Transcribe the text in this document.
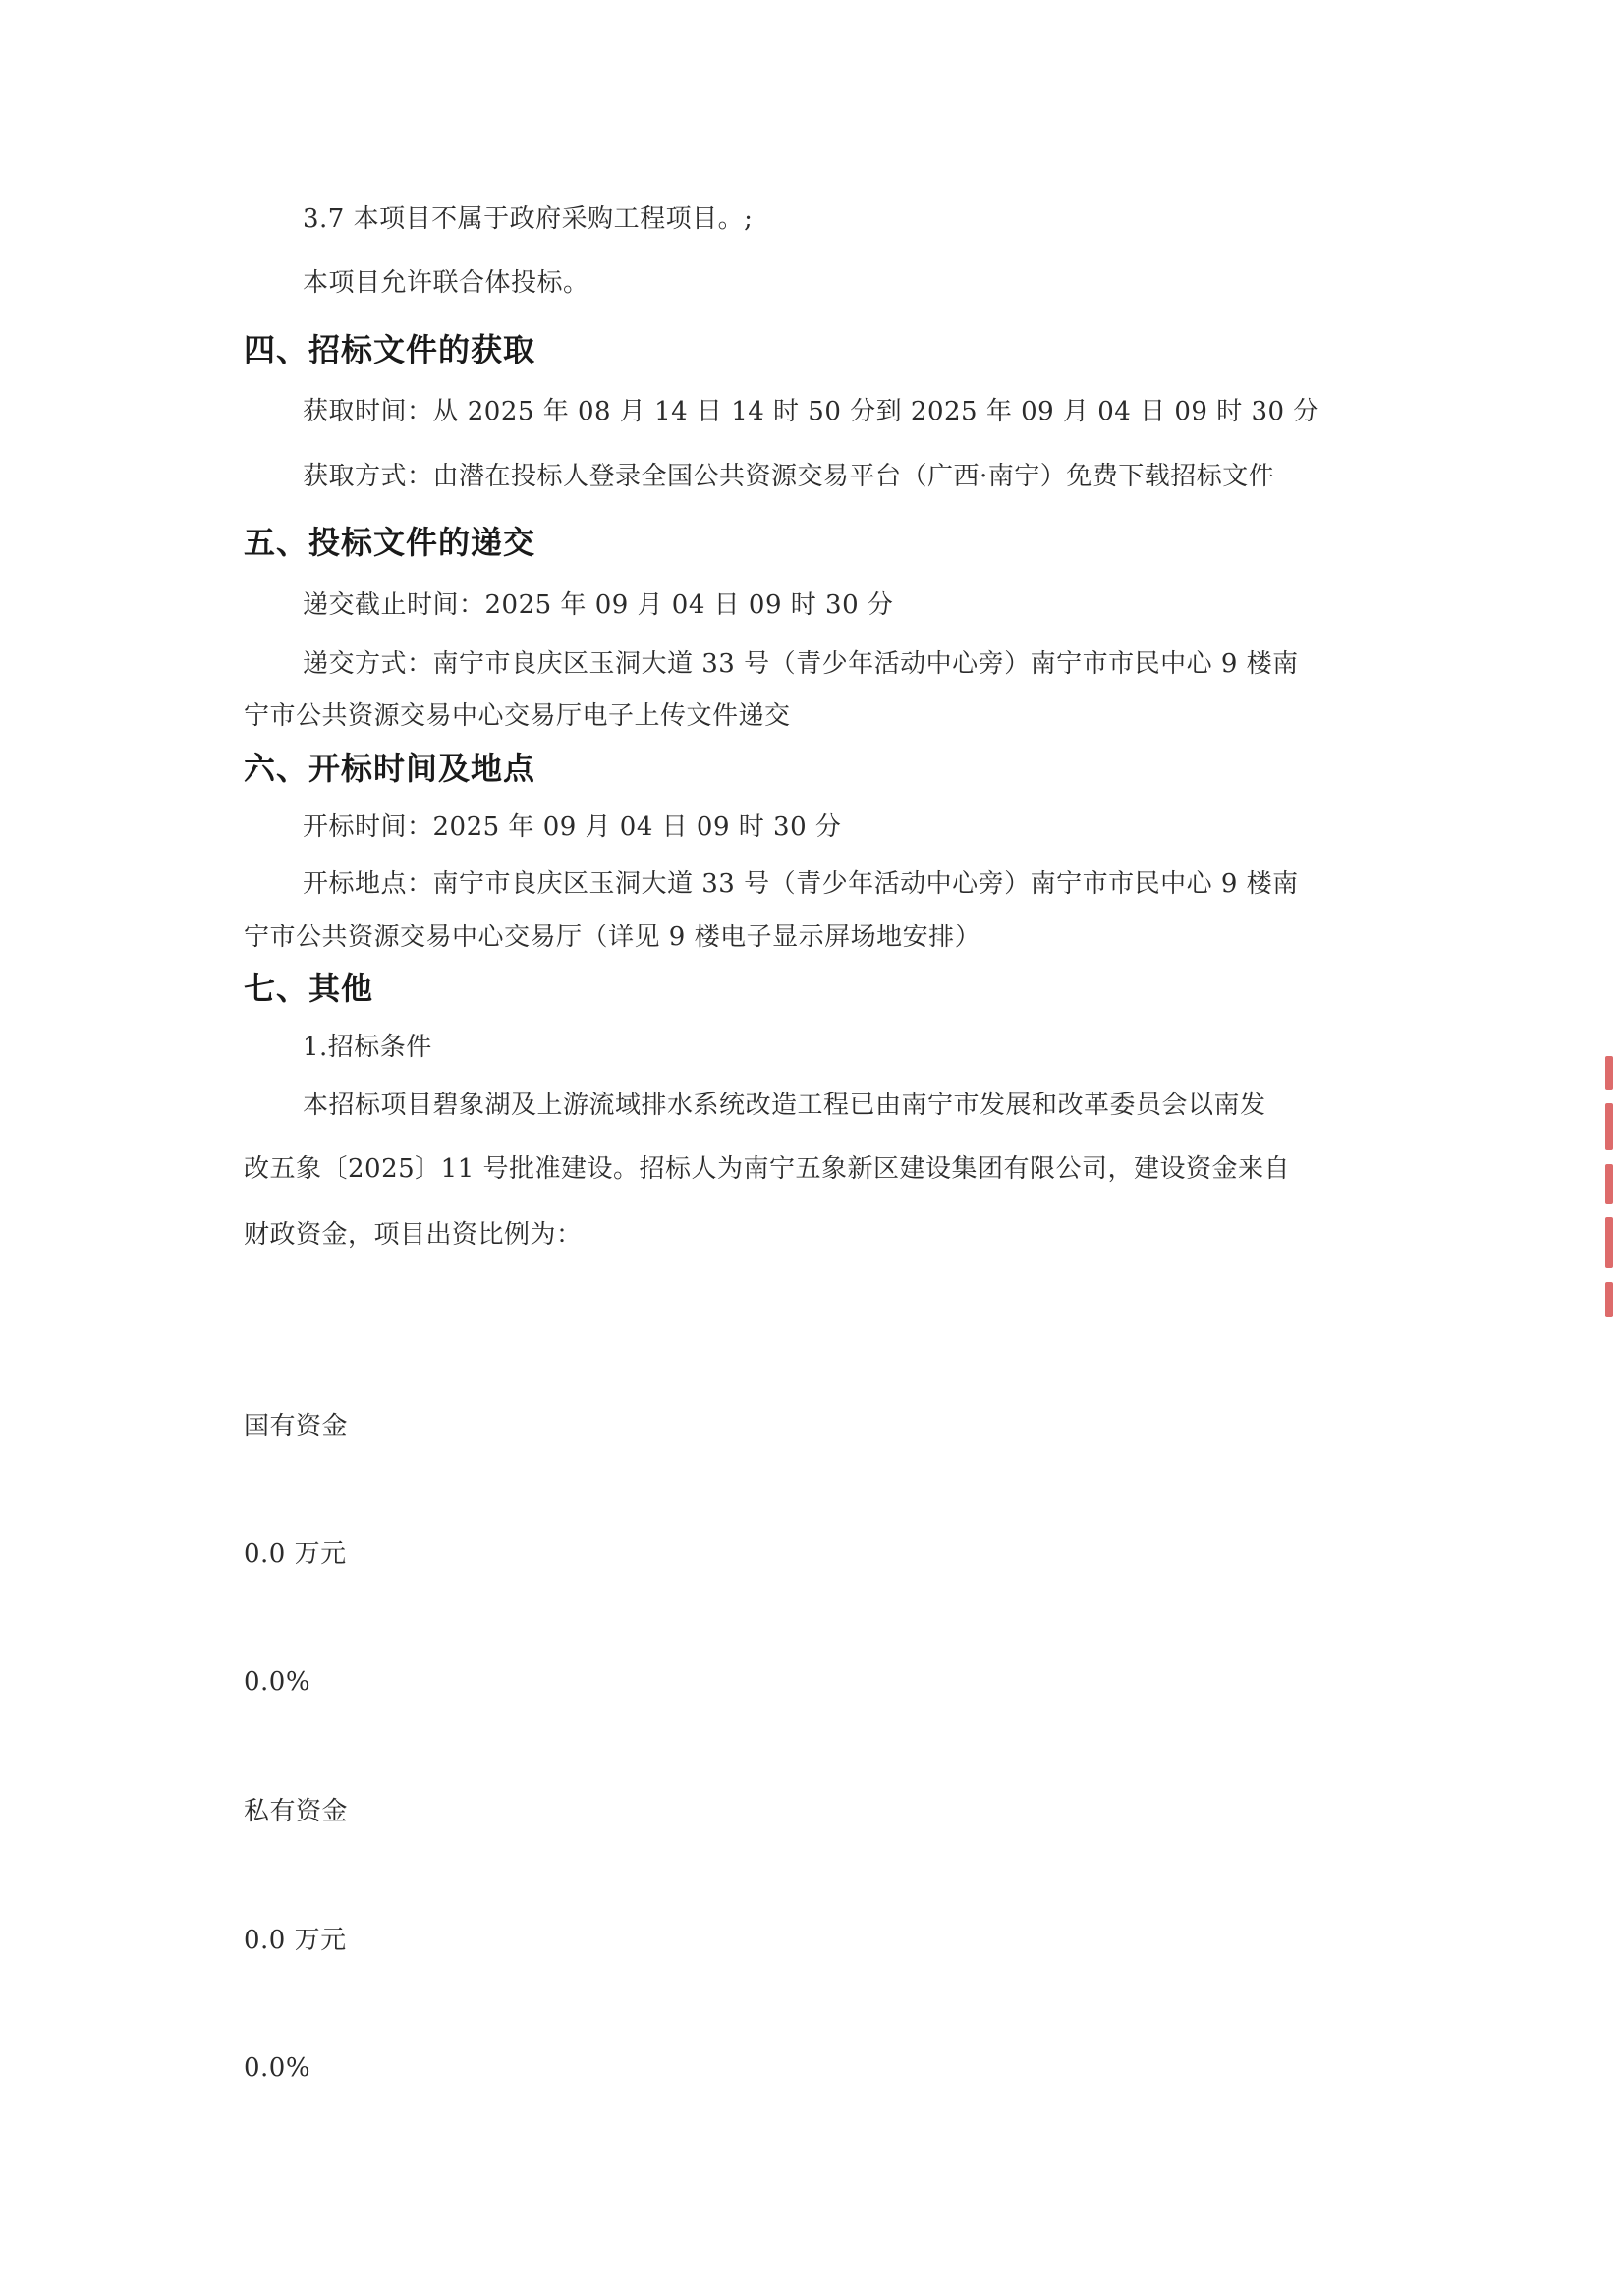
3.7 本项目不属于政府采购工程项目。;
本项目允许联合体投标。
四、招标文件的获取
获取时间：从 2025 年 08 月 14 日 14 时 50 分到 2025 年 09 月 04 日 09 时 30 分
获取方式：由潜在投标人登录全国公共资源交易平台（广西·南宁）免费下载招标文件
五、投标文件的递交
递交截止时间：2025 年 09 月 04 日 09 时 30 分
递交方式：南宁市良庆区玉洞大道 33 号（青少年活动中心旁）南宁市市民中心 9 楼南
宁市公共资源交易中心交易厅电子上传文件递交
六、开标时间及地点
开标时间：2025 年 09 月 04 日 09 时 30 分
开标地点：南宁市良庆区玉洞大道 33 号（青少年活动中心旁）南宁市市民中心 9 楼南
宁市公共资源交易中心交易厅（详见 9 楼电子显示屏场地安排）
七、其他
1.招标条件
本招标项目碧象湖及上游流域排水系统改造工程已由南宁市发展和改革委员会以南发
改五象〔2025〕11 号批准建设。招标人为南宁五象新区建设集团有限公司，建设资金来自
财政资金，项目出资比例为：
国有资金
0.0 万元
0.0%
私有资金
0.0 万元
0.0%
